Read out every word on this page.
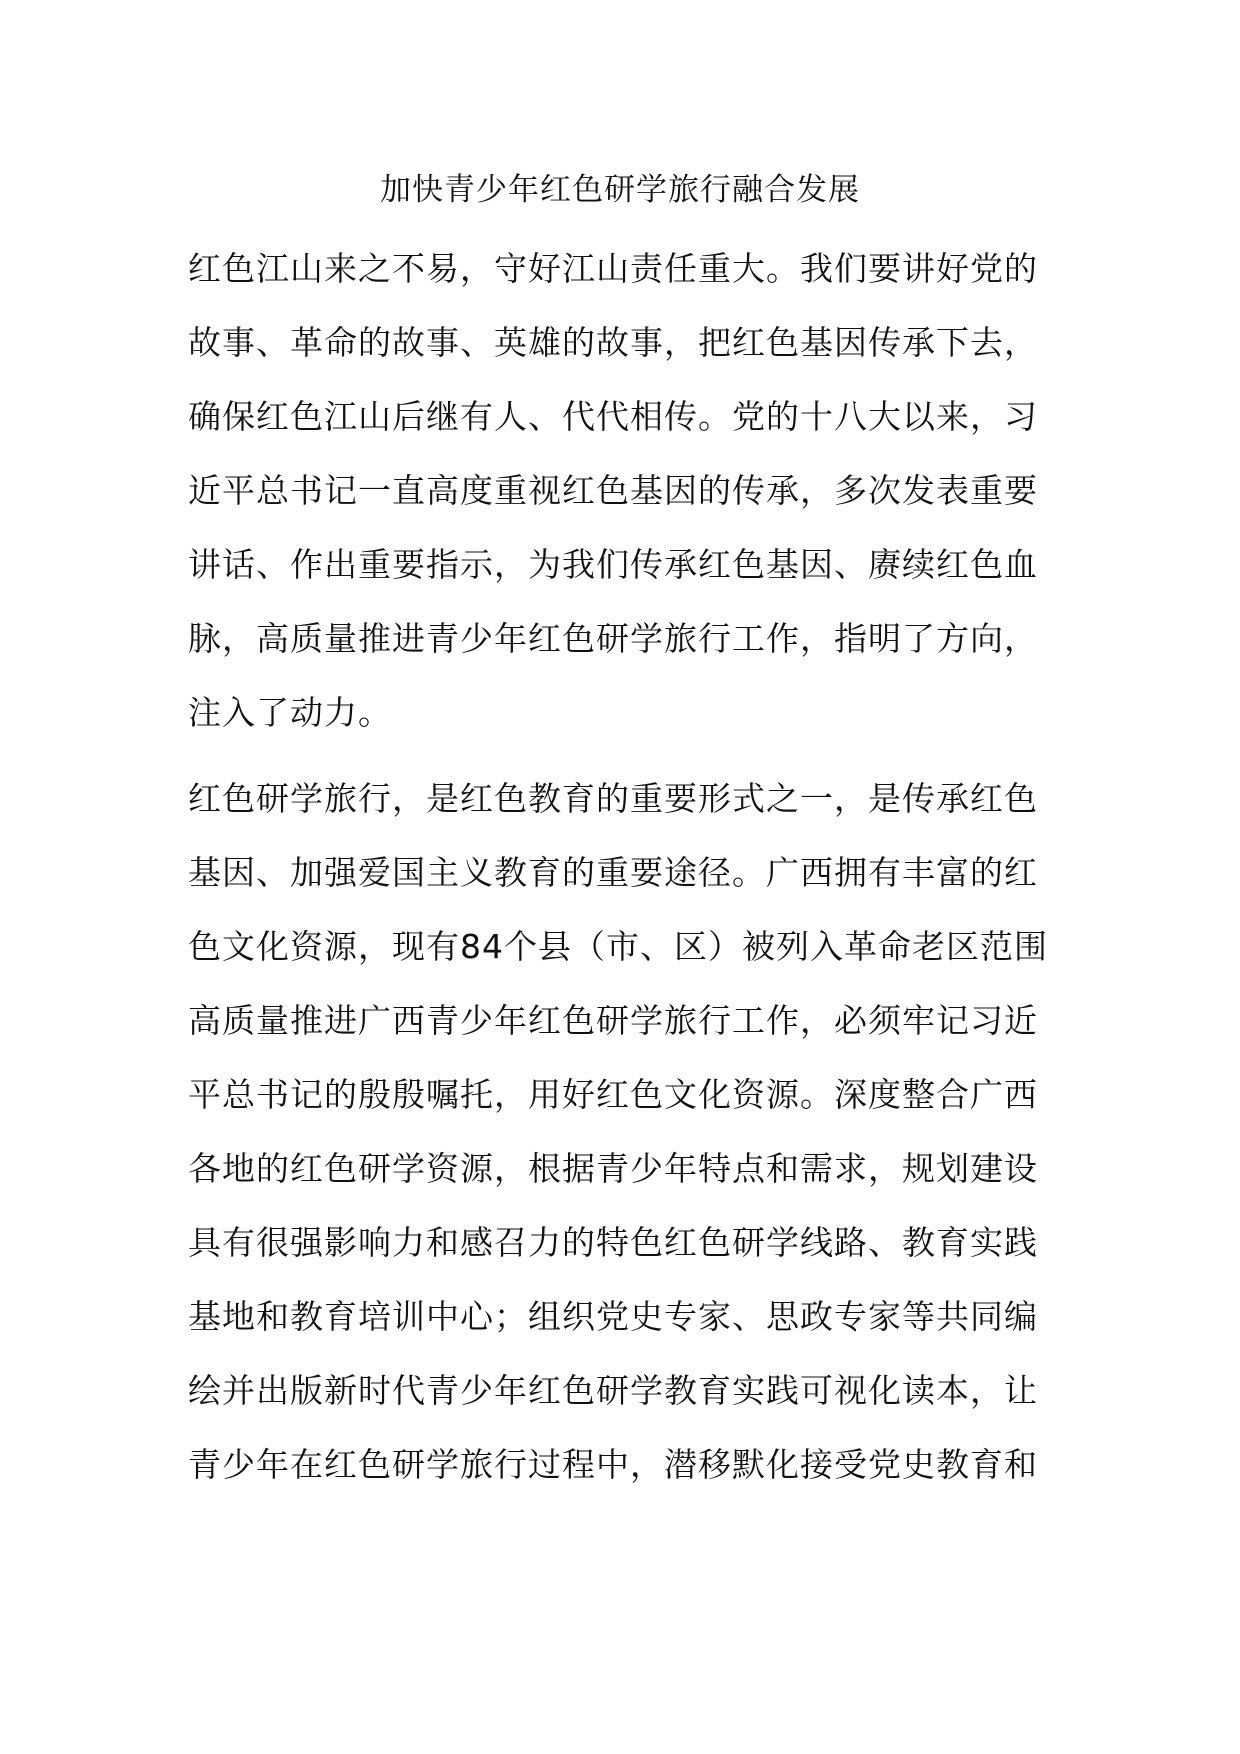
加快青少年红色研学旅行融合发展

红色江山来之不易，守好江山责任重大。我们要讲好党的故事、革命的故事、英雄的故事，把红色基因传承下去，确保红色江山后继有人、代代相传。党的十八大以来，习近平总书记一直高度重视红色基因的传承，多次发表重要讲话、作出重要指示，为我们传承红色基因、赓续红色血脉，高质量推进青少年红色研学旅行工作，指明了方向，注入了动力。

红色研学旅行，是红色教育的重要形式之一，是传承红色基因、加强爱国主义教育的重要途径。广西拥有丰富的红色文化资源，现有84个县（市、区）被列入革命老区范围高质量推进广西青少年红色研学旅行工作，必须牢记习近平总书记的殷殷嘱托，用好红色文化资源。深度整合广西各地的红色研学资源，根据青少年特点和需求，规划建设具有很强影响力和感召力的特色红色研学线路、教育实践基地和教育培训中心；组织党史专家、思政专家等共同编绘并出版新时代青少年红色研学教育实践可视化读本，让青少年在红色研学旅行过程中，潜移默化接受党史教育和
